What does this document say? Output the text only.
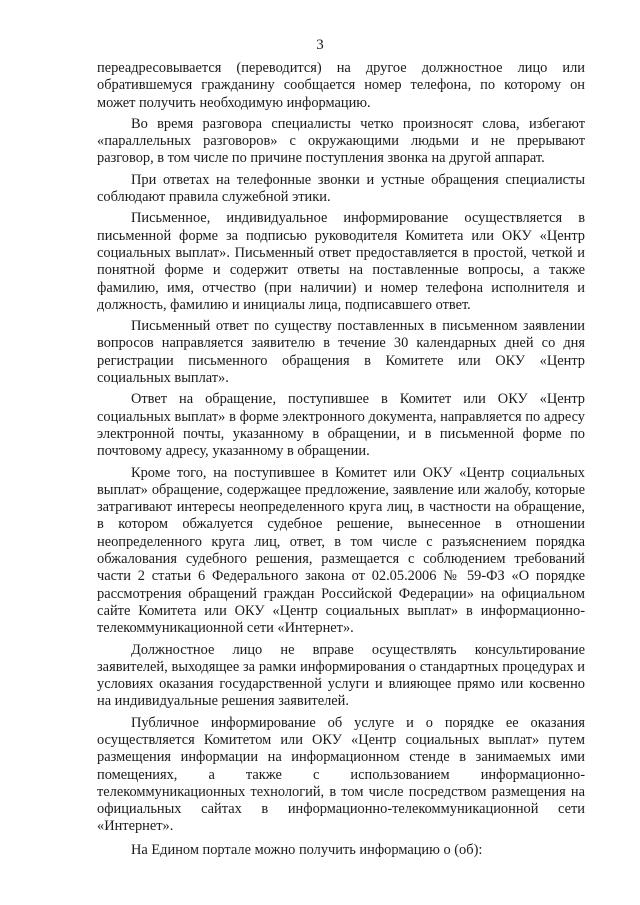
3

переадресовывается (переводится) на другое должностное лицо или обратившемуся гражданину сообщается номер телефона, по которому он может получить необходимую информацию.

Во время разговора специалисты четко произносят слова, избегают «параллельных разговоров» с окружающими людьми и не прерывают разговор, в том числе по причине поступления звонка на другой аппарат.

При ответах на телефонные звонки и устные обращения специалисты соблюдают правила служебной этики.

Письменное, индивидуальное информирование осуществляется в письменной форме за подписью руководителя Комитета или ОКУ «Центр социальных выплат». Письменный ответ предоставляется в простой, четкой и понятной форме и содержит ответы на поставленные вопросы, а также фамилию, имя, отчество (при наличии) и номер телефона исполнителя и должность, фамилию и инициалы лица, подписавшего ответ.

Письменный ответ по существу поставленных в письменном заявлении вопросов направляется заявителю в течение 30 календарных дней со дня регистрации письменного обращения в Комитете или ОКУ «Центр социальных выплат».

Ответ на обращение, поступившее в Комитет или ОКУ «Центр социальных выплат» в форме электронного документа, направляется по адресу электронной почты, указанному в обращении, и в письменной форме по почтовому адресу, указанному в обращении.

Кроме того, на поступившее в Комитет или ОКУ «Центр социальных выплат» обращение, содержащее предложение, заявление или жалобу, которые затрагивают интересы неопределенного круга лиц, в частности на обращение, в котором обжалуется судебное решение, вынесенное в отношении неопределенного круга лиц, ответ, в том числе с разъяснением порядка обжалования судебного решения, размещается с соблюдением требований части 2 статьи 6 Федерального закона от 02.05.2006 № 59-ФЗ «О порядке рассмотрения обращений граждан Российской Федерации» на официальном сайте Комитета или ОКУ «Центр социальных выплат» в информационно-телекоммуникационной сети «Интернет».

Должностное лицо не вправе осуществлять консультирование заявителей, выходящее за рамки информирования о стандартных процедурах и условиях оказания государственной услуги и влияющее прямо или косвенно на индивидуальные решения заявителей.

Публичное информирование об услуге и о порядке ее оказания осуществляется Комитетом или ОКУ «Центр социальных выплат» путем размещения информации на информационном стенде в занимаемых ими помещениях, а также с использованием информационно-телекоммуникационных технологий, в том числе посредством размещения на официальных сайтах в информационно-телекоммуникационной сети «Интернет».

На Едином портале можно получить информацию о (об):
